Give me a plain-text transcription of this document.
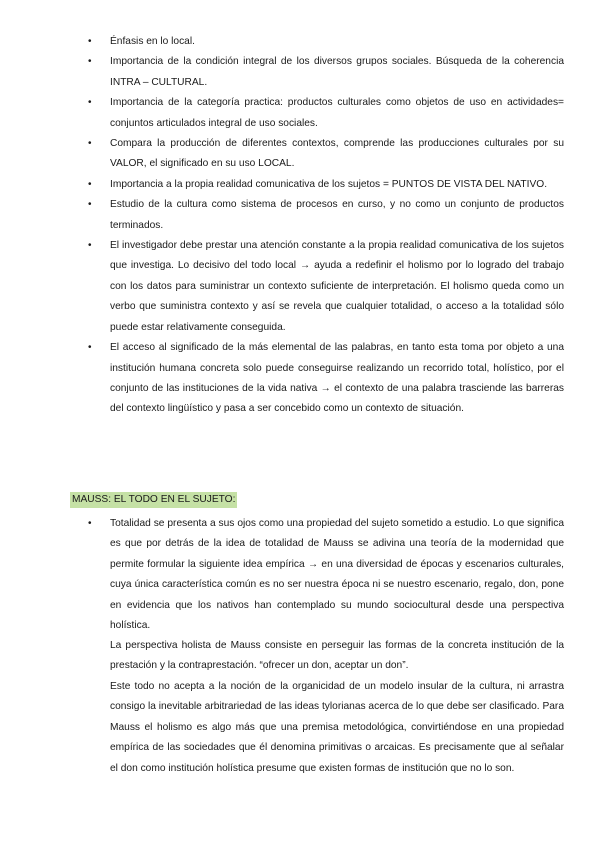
• Énfasis en lo local.
• Importancia de la condición integral de los diversos grupos sociales. Búsqueda de la coherencia INTRA – CULTURAL.
• Importancia de la categoría practica: productos culturales como objetos de uso en actividades= conjuntos articulados integral de uso sociales.
• Compara la producción de diferentes contextos, comprende las producciones culturales por su VALOR, el significado en su uso LOCAL.
• Importancia a la propia realidad comunicativa de los sujetos = PUNTOS DE VISTA DEL NATIVO.
• Estudio de la cultura como sistema de procesos en curso, y no como un conjunto de productos terminados.
• El investigador debe prestar una atención constante a la propia realidad comunicativa de los sujetos que investiga. Lo decisivo del todo local → ayuda a redefinir el holismo por lo logrado del trabajo con los datos para suministrar un contexto suficiente de interpretación. El holismo queda como un verbo que suministra contexto y así se revela que cualquier totalidad, o acceso a la totalidad sólo puede estar relativamente conseguida.
• El acceso al significado de la más elemental de las palabras, en tanto esta toma por objeto a una institución humana concreta solo puede conseguirse realizando un recorrido total, holístico, por el conjunto de las instituciones de la vida nativa → el contexto de una palabra trasciende las barreras del contexto lingüístico y pasa a ser concebido como un contexto de situación.
MAUSS: EL TODO EN EL SUJETO:
• Totalidad se presenta a sus ojos como una propiedad del sujeto sometido a estudio. Lo que significa es que por detrás de la idea de totalidad de Mauss se adivina una teoría de la modernidad que permite formular la siguiente idea empírica → en una diversidad de épocas y escenarios culturales, cuya única característica común es no ser nuestra época ni se nuestro escenario, regalo, don, pone en evidencia que los nativos han contemplado su mundo sociocultural desde una perspectiva holística.
La perspectiva holista de Mauss consiste en perseguir las formas de la concreta institución de la prestación y la contraprestación. “ofrecer un don, aceptar un don”.
Este todo no acepta a la noción de la organicidad de un modelo insular de la cultura, ni arrastra consigo la inevitable arbitrariedad de las ideas tylorianas acerca de lo que debe ser clasificado. Para Mauss el holismo es algo más que una premisa metodológica, convirtiéndose en una propiedad empírica de las sociedades que él denomina primitivas o arcaicas. Es precisamente que al señalar el don como institución holística presume que existen formas de institución que no lo son.
